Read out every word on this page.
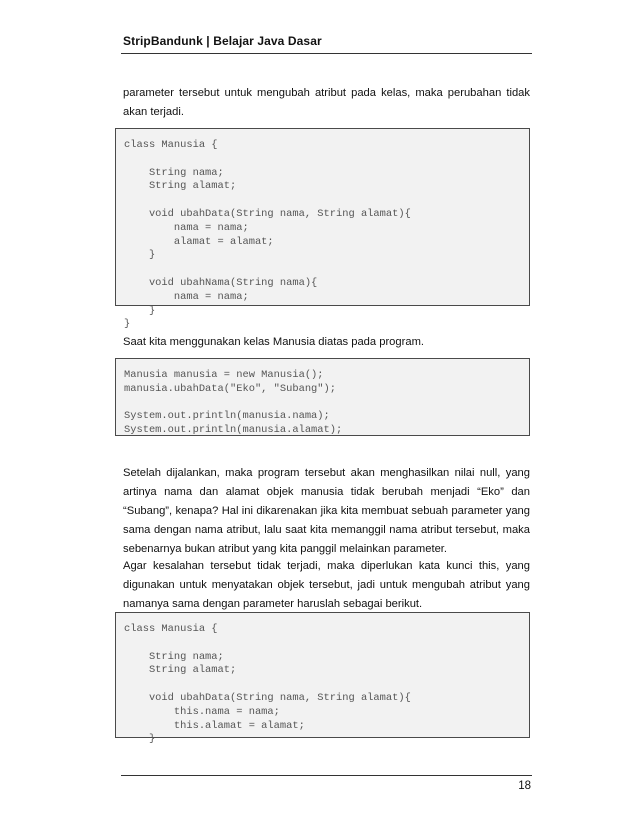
StripBandunk | Belajar Java Dasar

parameter tersebut untuk mengubah atribut pada kelas, maka perubahan tidak akan terjadi.

class Manusia {
String nama;
String alamat;
void ubahData(String nama, String alamat){
nama = nama;
alamat = alamat;
}
void ubahNama(String nama){
nama = nama;
}
}

Saat kita menggunakan kelas Manusia diatas pada program.

Manusia manusia = new Manusia();
manusia.ubahData("Eko", "Subang");
System.out.println(manusia.nama);
System.out.println(manusia.alamat);

Setelah dijalankan, maka program tersebut akan menghasilkan nilai null, yang artinya nama dan alamat objek manusia tidak berubah menjadi “Eko” dan “Subang”, kenapa? Hal ini dikarenakan jika kita membuat sebuah parameter yang sama dengan nama atribut, lalu saat kita memanggil nama atribut tersebut, maka sebenarnya bukan atribut yang kita panggil melainkan parameter.

Agar kesalahan tersebut tidak terjadi, maka diperlukan kata kunci this, yang digunakan untuk menyatakan objek tersebut, jadi untuk mengubah atribut yang namanya sama dengan parameter haruslah sebagai berikut.

class Manusia {
String nama;
String alamat;
void ubahData(String nama, String alamat){
this.nama = nama;
this.alamat = alamat;
}
18
